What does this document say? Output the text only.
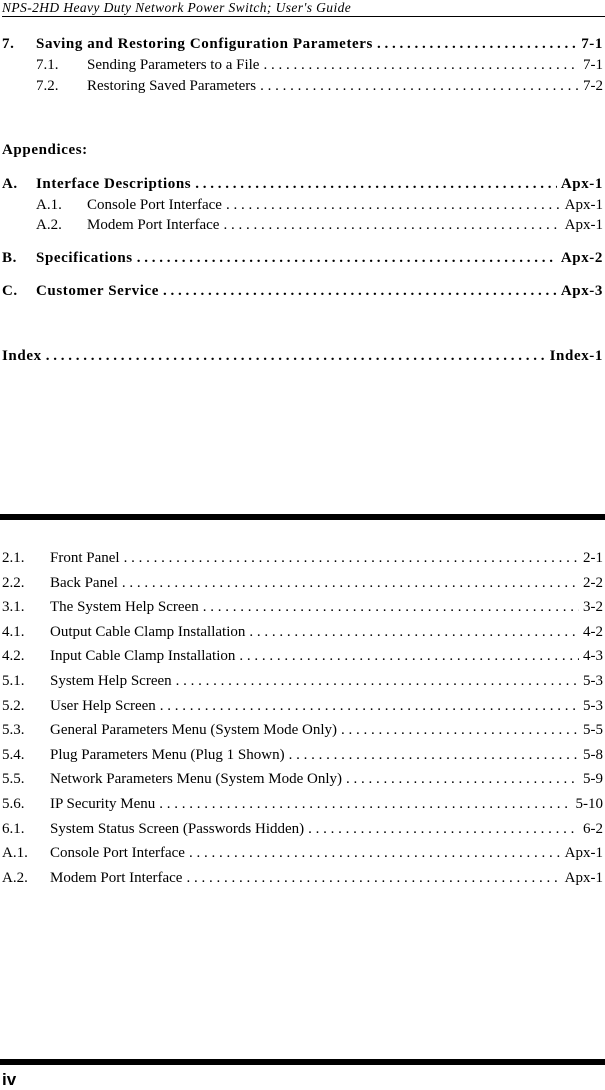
NPS-2HD Heavy Duty Network Power Switch; User's Guide
7.	Saving and Restoring Configuration Parameters . . .	7-1
7.1.	Sending Parameters to a File . . .	7-1
7.2.	Restoring Saved Parameters . . .	7-2
Appendices:
A.	Interface Descriptions . . .	Apx-1
A.1.	Console Port Interface . . .	Apx-1
A.2.	Modem Port Interface . . .	Apx-1
B.	Specifications . . .	Apx-2
C.	Customer Service . . .	Apx-3
Index . . .	Index-1
2.1.	Front Panel . . .	2-1
2.2.	Back Panel . . .	2-2
3.1.	The System Help Screen . . .	3-2
4.1.	Output Cable Clamp Installation . . .	4-2
4.2.	Input Cable Clamp Installation . . .	4-3
5.1.	System Help Screen . . .	5-3
5.2.	User Help Screen . . .	5-3
5.3.	General Parameters Menu (System Mode Only) . . .	5-5
5.4.	Plug Parameters Menu (Plug 1 Shown) . . .	5-8
5.5.	Network Parameters Menu (System Mode Only) . . .	5-9
5.6.	IP Security Menu . . .	5-10
6.1.	System Status Screen (Passwords Hidden) . . .	6-2
A.1.	Console Port Interface . . .	Apx-1
A.2.	Modem Port Interface . . .	Apx-1
iv
